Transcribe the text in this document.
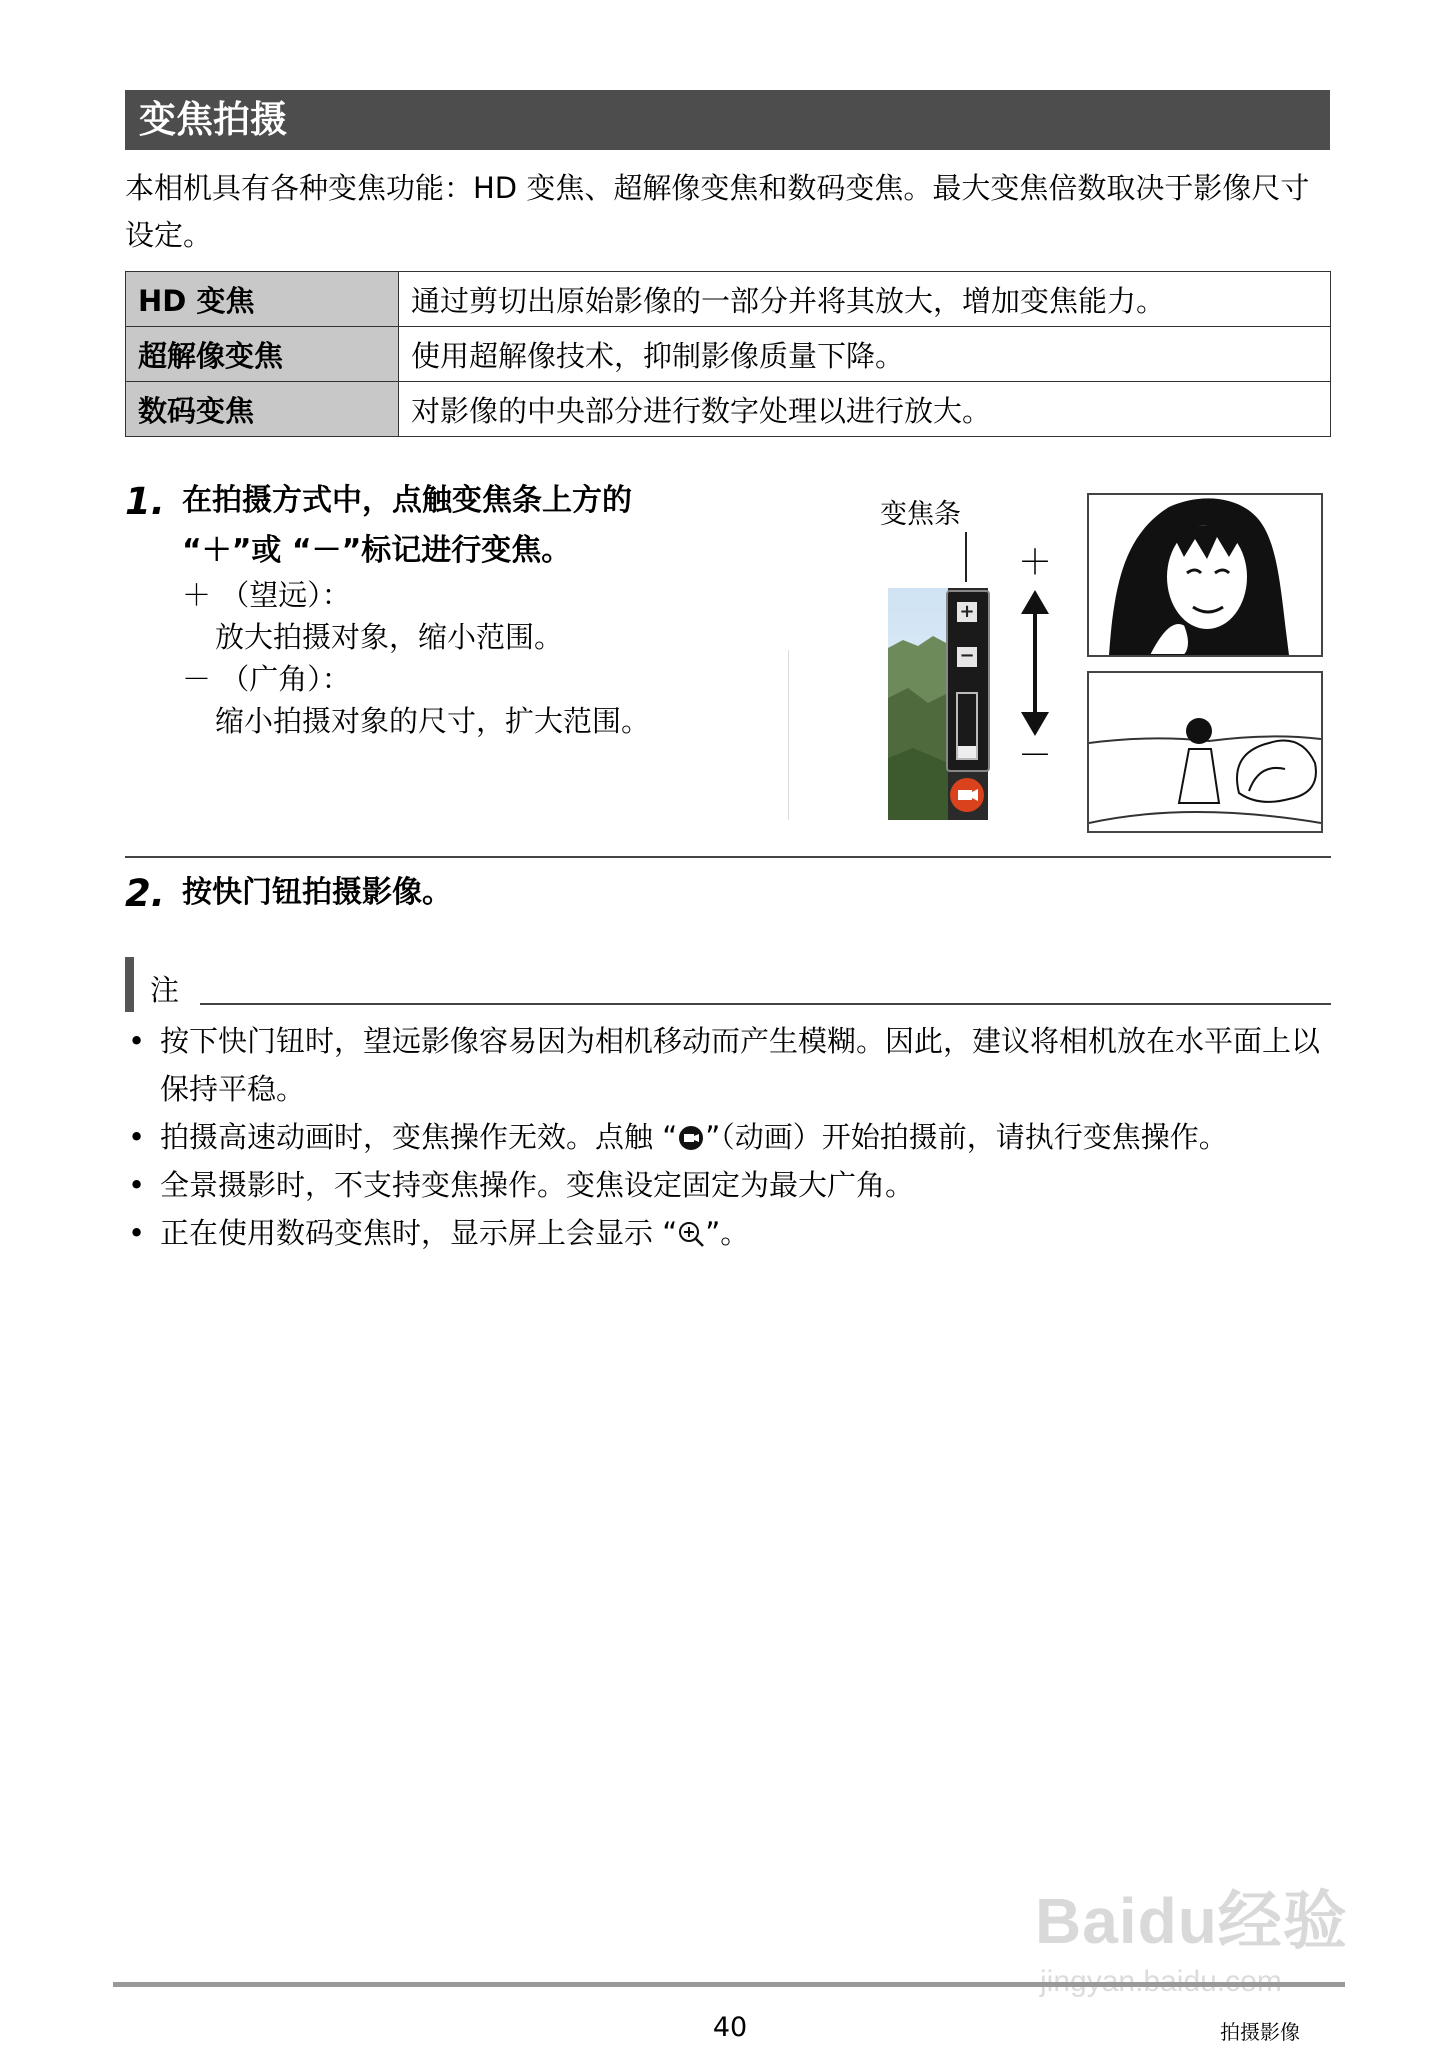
变焦拍摄
本相机具有各种变焦功能：HD 变焦、超解像变焦和数码变焦。最大变焦倍数取决于影像尺寸设定。
HD 变焦	通过剪切出原始影像的一部分并将其放大，增加变焦能力。
超解像变焦	使用超解像技术，抑制影像质量下降。
数码变焦	对影像的中央部分进行数字处理以进行放大。
1. 在拍摄方式中，点触变焦条上方的
“＋”或 “－”标记进行变焦。
＋ （望远）：
放大拍摄对象，缩小范围。
－ （广角）：
缩小拍摄对象的尺寸，扩大范围。
变焦条
+
−
＋
－
2. 按快门钮拍摄影像。
注
• 按下快门钮时，望远影像容易因为相机移动而产生模糊。因此，建议将相机放在水平面上以保持平稳。
• 拍摄高速动画时，变焦操作无效。点触 “ ”（动画）开始拍摄前，请执行变焦操作。
• 全景摄影时，不支持变焦操作。变焦设定固定为最大广角。
• 正在使用数码变焦时，显示屏上会显示 “ ”。
Baidu经验
40	拍摄影像
